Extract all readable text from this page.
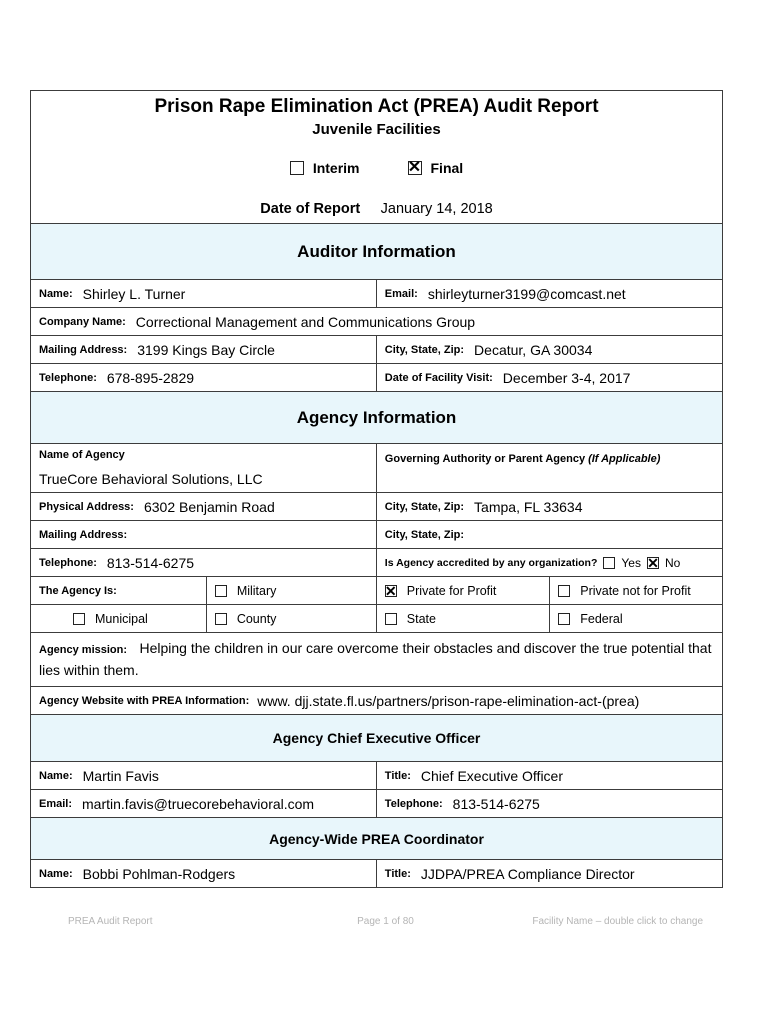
Prison Rape Elimination Act (PREA) Audit Report
Juvenile Facilities
Interim	✕ Final
Date of Report January 14, 2018
Auditor Information
Name: Shirley L. Turner	Email: shirleyturner3199@comcast.net
Company Name: Correctional Management and Communications Group
Mailing Address: 3199 Kings Bay Circle	City, State, Zip: Decatur, GA 30034
Telephone: 678-895-2829	Date of Facility Visit: December 3-4, 2017
Agency Information
Name of Agency
TrueCore Behavioral Solutions, LLC
Governing Authority or Parent Agency (If Applicable)
Physical Address: 6302 Benjamin Road	City, State, Zip: Tampa, FL 33634
Mailing Address:	City, State, Zip:
Telephone: 813-514-6275	Is Agency accredited by any organization? Yes ✕ No
The Agency Is:	Military	✕ Private for Profit	Private not for Profit
Municipal	County	State	Federal
Agency mission: Helping the children in our care overcome their obstacles and discover the true potential that lies within them.
Agency Website with PREA Information: www. djj.state.fl.us/partners/prison-rape-elimination-act-(prea)
Agency Chief Executive Officer
Name: Martin Favis	Title: Chief Executive Officer
Email: martin.favis@truecorebehavioral.com	Telephone: 813-514-6275
Agency-Wide PREA Coordinator
Name: Bobbi Pohlman-Rodgers	Title: JJDPA/PREA Compliance Director
PREA Audit Report	Page 1 of 80	Facility Name – double click to change
